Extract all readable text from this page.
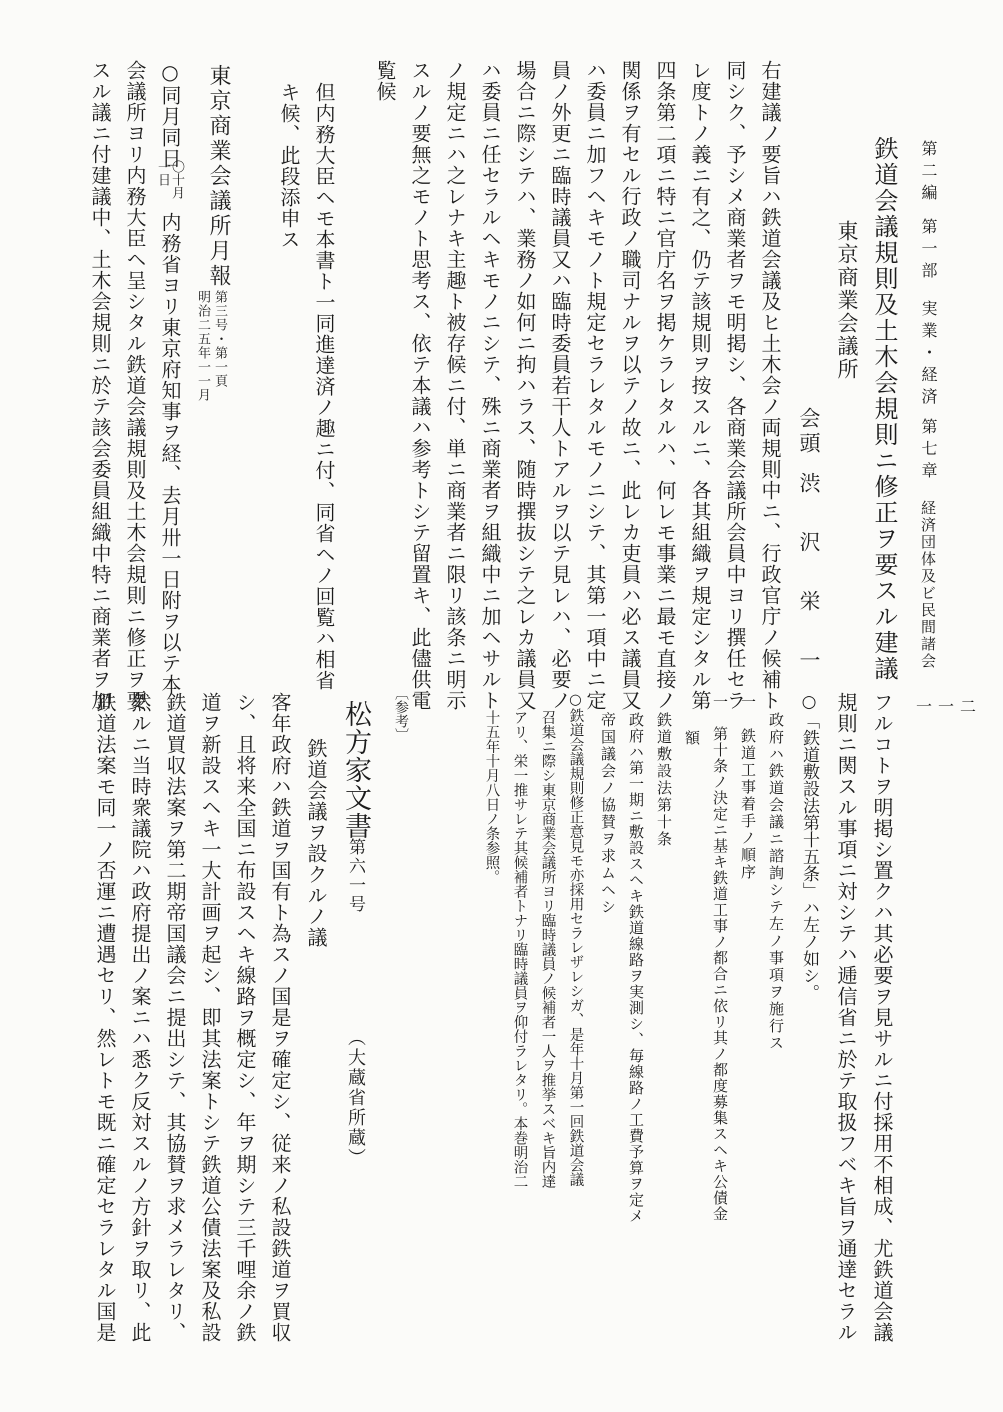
一一二
第二編
第一部
実業・経済
第七章
経済団体及ビ民間諸会
鉄道会議規則及土木会規則ニ修正ヲ要スル建議
東京商業会議所
会頭
渋 沢 栄 一
右建議ノ要旨ハ鉄道会議及ヒ土木会ノ両規則中ニ、行政官庁ノ候補ト
同シク、予シメ商業者ヲモ明掲シ、各商業会議所会員中ヨリ撰任セラ
レ度トノ義ニ有之、仍テ該規則ヲ按スルニ、各其組織ヲ規定シタル第
四条第二項ニ特ニ官庁名ヲ掲ケラレタルハ、何レモ事業ニ最モ直接ノ
関係ヲ有セル行政ノ職司ナルヲ以テノ故ニ、此レカ吏員ハ必ス議員又
ハ委員ニ加フヘキモノト規定セラレタルモノニシテ、其第一項中ニ定
員ノ外更ニ臨時議員又ハ臨時委員若干人トアルヲ以テ見レハ、必要ノ
場合ニ際シテハ、業務ノ如何ニ拘ハラス、随時撰抜シテ之レカ議員又
ハ委員ニ任セラルヘキモノニシテ、殊ニ商業者ヲ組織中ニ加ヘサルト
ノ規定ニハ之レナキ主趣ト被存候ニ付、単ニ商業者ニ限リ該条ニ明示
スルノ要無之モノト思考ス、依テ本議ハ参考トシテ留置キ、此儘供電
覧候
但内務大臣ヘモ本書ト一同進達済ノ趣ニ付、同省ヘノ回覧ハ相省
キ候、此段添申ス
東京商業会議所月報
第三号・第一頁
明治二五年一一月
○同月同日
〇十月
一日
内務省ヨリ東京府知事ヲ経、去月卅一日附ヲ以テ本
会議所ヨリ内務大臣ヘ呈シタル鉄道会議規則及土木会規則ニ修正ヲ要
スル議ニ付建議中、土木会規則ニ於テ該会委員組織中特ニ商業者ヲ加
フルコトヲ明掲シ置クハ其必要ヲ見サルニ付採用不相成、尤鉄道会議
規則ニ関スル事項ニ対シテハ逓信省ニ於テ取扱フベキ旨ヲ通達セラル
○「鉄道敷設法第十五条」ハ左ノ如シ。
政府ハ鉄道会議ニ諮詢シテ左ノ事項ヲ施行ス
一　鉄道工事着手ノ順序
一　第十条ノ決定ニ基キ鉄道工事ノ都合ニ依リ其ノ都度募集スヘキ公債金
額
鉄道敷設法第十条
政府ハ第一期ニ敷設スヘキ鉄道線路ヲ実測シ、毎線路ノ工費予算ヲ定メ
帝国議会ノ協賛ヲ求ムヘシ
○鉄道会議規則修正意見モ亦採用セラレザレシガ、是年十月第一回鉄道会議
召集ニ際シ東京商業会議所ヨリ臨時議員ノ候補者一人ヲ推挙スベキ旨内達
アリ、栄一推サレテ其候補者トナリ臨時議員ヲ仰付ラレタリ。本巻明治二
十五年十月八日ノ条参照。
〔参考〕
松方家文書
第六一号
（大蔵省所蔵）
鉄道会議ヲ設クルノ議
客年政府ハ鉄道ヲ国有ト為スノ国是ヲ確定シ、従来ノ私設鉄道ヲ買収
シ、且将来全国ニ布設スヘキ線路ヲ概定シ、年ヲ期シテ三千哩余ノ鉄
道ヲ新設スヘキ一大計画ヲ起シ、即其法案トシテ鉄道公債法案及私設
鉄道買収法案ヲ第二期帝国議会ニ提出シテ、其協賛ヲ求メラレタリ、
然ルニ当時衆議院ハ政府提出ノ案ニハ悉ク反対スルノ方針ヲ取リ、此
鉄道法案モ同一ノ否運ニ遭遇セリ、然レトモ既ニ確定セラレタル国是
